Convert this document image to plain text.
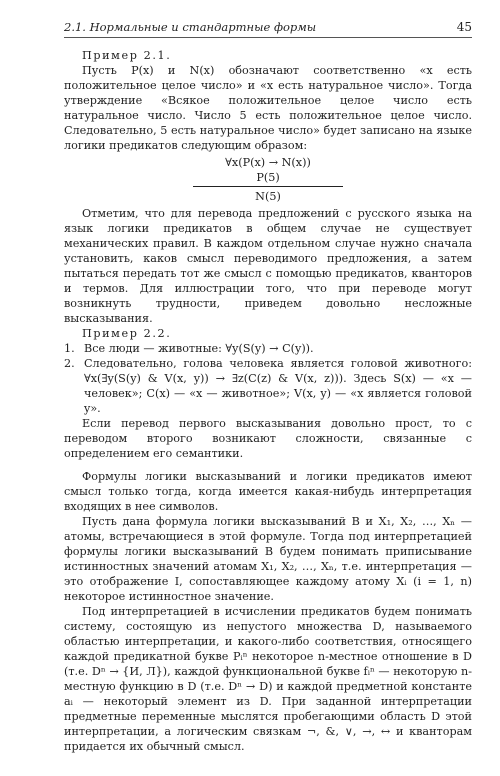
2.1. Нормальные и стандартные формы	45
Пример 2.1.

Пусть P(x) и N(x) обозначают соответственно «x есть положительное целое число» и «x есть натуральное число». Тогда утверждение «Всякое положительное целое число есть натуральное число. Число 5 есть положительное целое число. Следовательно, 5 есть натуральное число» будет записано на языке логики предикатов следующим образом:

∀x(P(x) → N(x))
P(5)
N(5)

Отметим, что для перевода предложений с русского языка на язык логики предикатов в общем случае не существует механических правил. В каждом отдельном случае нужно сначала установить, каков смысл переводимого предложения, а затем пытаться передать тот же смысл с помощью предикатов, кванторов и термов. Для иллюстрации того, что при переводе могут возникнуть трудности, приведем довольно несложные высказывания.

Пример 2.2.
1. Все люди — животные: ∀y(S(y) → C(y)).
2. Следовательно, голова человека является головой животного: ∀x(∃y(S(y) & V(x, y)) → ∃z(C(z) & V(x, z))). Здесь S(x) — «x — человек»; C(x) — «x — животное»; V(x, y) — «x является головой y».

Если перевод первого высказывания довольно прост, то с переводом второго возникают сложности, связанные с определением его семантики.

Формулы логики высказываний и логики предикатов имеют смысл только тогда, когда имеется какая-нибудь интерпретация входящих в нее символов.

Пусть дана формула логики высказываний B и X₁, X₂, …, Xₙ — атомы, встречающиеся в этой формуле. Тогда под интерпретацией формулы логики высказываний B будем понимать приписывание истинностных значений атомам X₁, X₂, …, Xₙ, т.е. интерпретация — это отображение I, сопоставляющее каждому атому Xᵢ (i = 1, n) некоторое истинностное значение.

Под интерпретацией в исчислении предикатов будем понимать систему, состоящую из непустого множества D, называемого областью интерпретации, и какого-либо соответствия, относящего каждой предикатной букве Pᵢⁿ некоторое n-местное отношение в D (т.е. Dⁿ → {И, Л}), каждой функциональной букве fᵢⁿ — некоторую n-местную функцию в D (т.е. Dⁿ → D) и каждой предметной константе aᵢ — некоторый элемент из D. При заданной интерпретации предметные переменные мыслятся пробегающими область D этой интерпретации, а логическим связкам ¬, &, ∨, →, ↔ и кванторам придается их обычный смысл.
